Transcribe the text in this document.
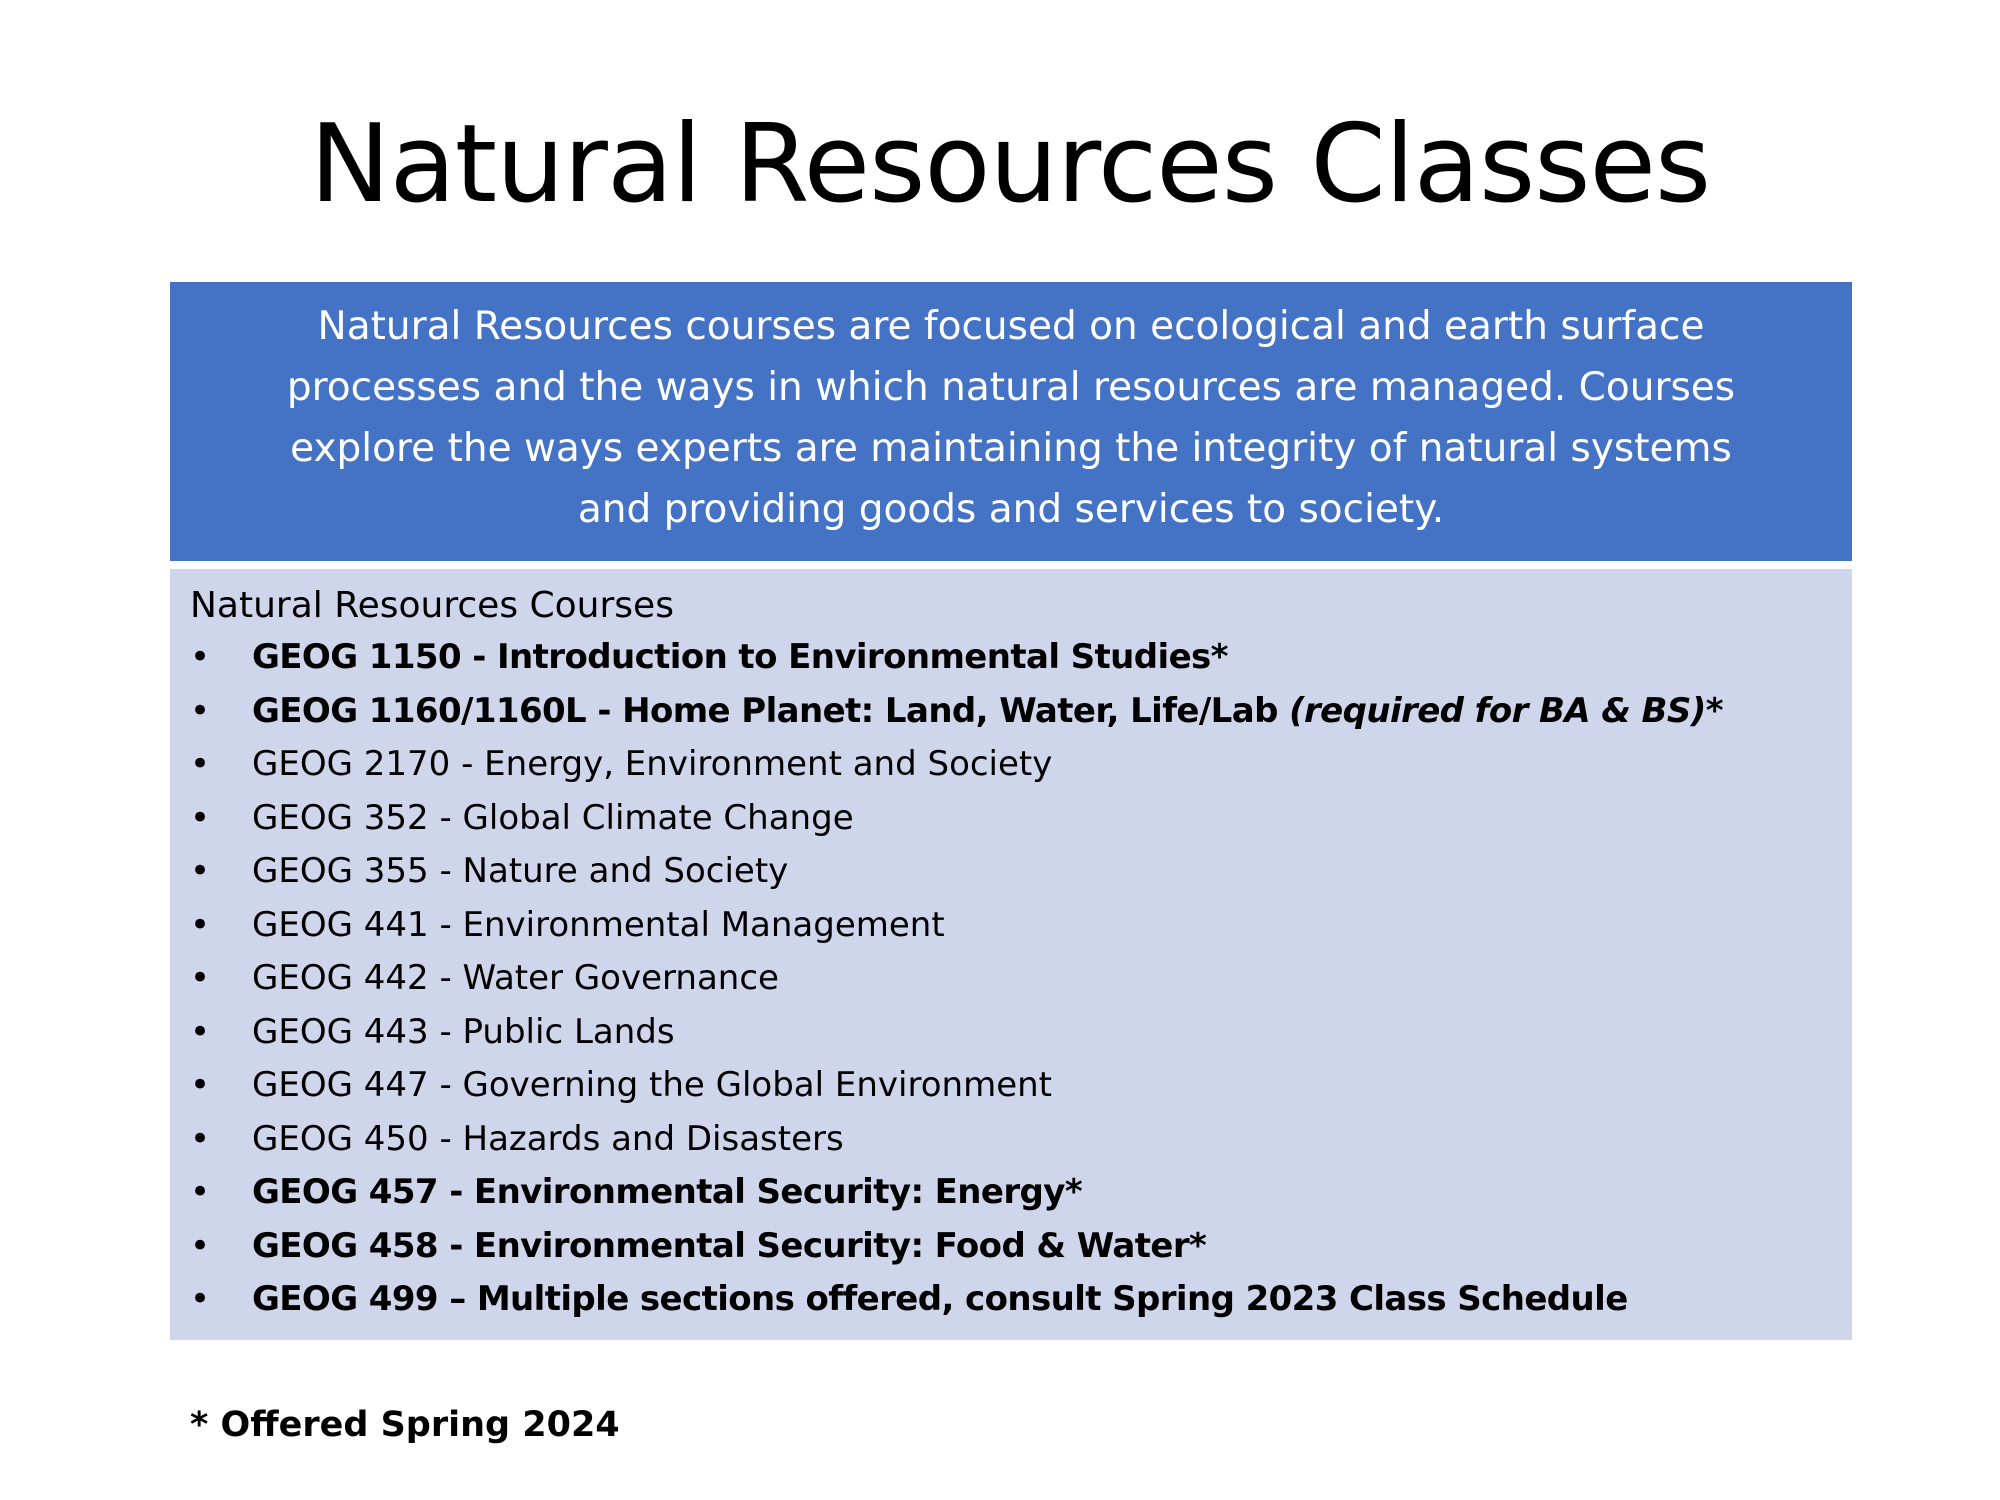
Natural Resources Classes
Natural Resources courses are focused on ecological and earth surface
processes and the ways in which natural resources are managed. Courses
explore the ways experts are maintaining the integrity of natural systems
and providing goods and services to society.
Natural Resources Courses
• GEOG 1150 - Introduction to Environmental Studies*
• GEOG 1160/1160L - Home Planet: Land, Water, Life/Lab (required for BA & BS)*
• GEOG 2170 - Energy, Environment and Society
• GEOG 352 - Global Climate Change
• GEOG 355 - Nature and Society
• GEOG 441 - Environmental Management
• GEOG 442 - Water Governance
• GEOG 443 - Public Lands
• GEOG 447 - Governing the Global Environment
• GEOG 450 - Hazards and Disasters
• GEOG 457 - Environmental Security: Energy*
• GEOG 458 - Environmental Security: Food & Water*
• GEOG 499 – Multiple sections offered, consult Spring 2023 Class Schedule

* Offered Spring 2024
